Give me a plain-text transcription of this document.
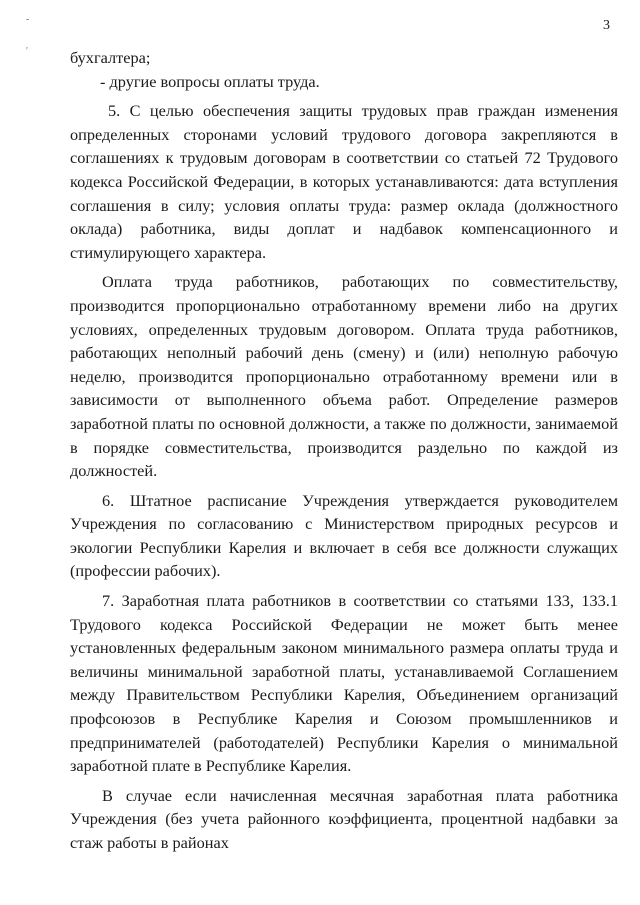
3
-
'	бухгалтера;

- другие вопросы оплаты труда.

5. С целью обеспечения защиты трудовых прав граждан изменения определенных сторонами условий трудового договора закрепляются в соглашениях к трудовым договорам в соответствии со статьей 72 Трудового кодекса Российской Федерации, в которых устанавливаются: дата вступления соглашения в силу; условия оплаты труда: размер оклада (должностного оклада) работника, виды доплат и надбавок компенсационного и стимулирующего характера.

Оплата труда работников, работающих по совместительству, производится пропорционально отработанному времени либо на других условиях, определенных трудовым договором. Оплата труда работников, работающих неполный рабочий день (смену) и (или) неполную рабочую неделю, производится пропорционально отработанному времени или в зависимости от выполненного объема работ. Определение размеров заработной платы по основной должности, а также по должности, занимаемой в порядке совместительства, производится раздельно по каждой из должностей.

6. Штатное расписание Учреждения утверждается руководителем Учреждения по согласованию с Министерством природных ресурсов и экологии Республики Карелия и включает в себя все должности служащих (профессии рабочих).

7. Заработная плата работников в соответствии со статьями 133, 133.1 Трудового кодекса Российской Федерации не может быть менее установленных федеральным законом минимального размера оплаты труда и величины минимальной заработной платы, устанавливаемой Соглашением между Правительством Республики Карелия, Объединением организаций профсоюзов в Республике Карелия и Союзом промышленников и предпринимателей (работодателей) Республики Карелия о минимальной заработной плате в Республике Карелия.

В случае если начисленная месячная заработная плата работника Учреждения (без учета районного коэффициента, процентной надбавки за стаж работы в районах
